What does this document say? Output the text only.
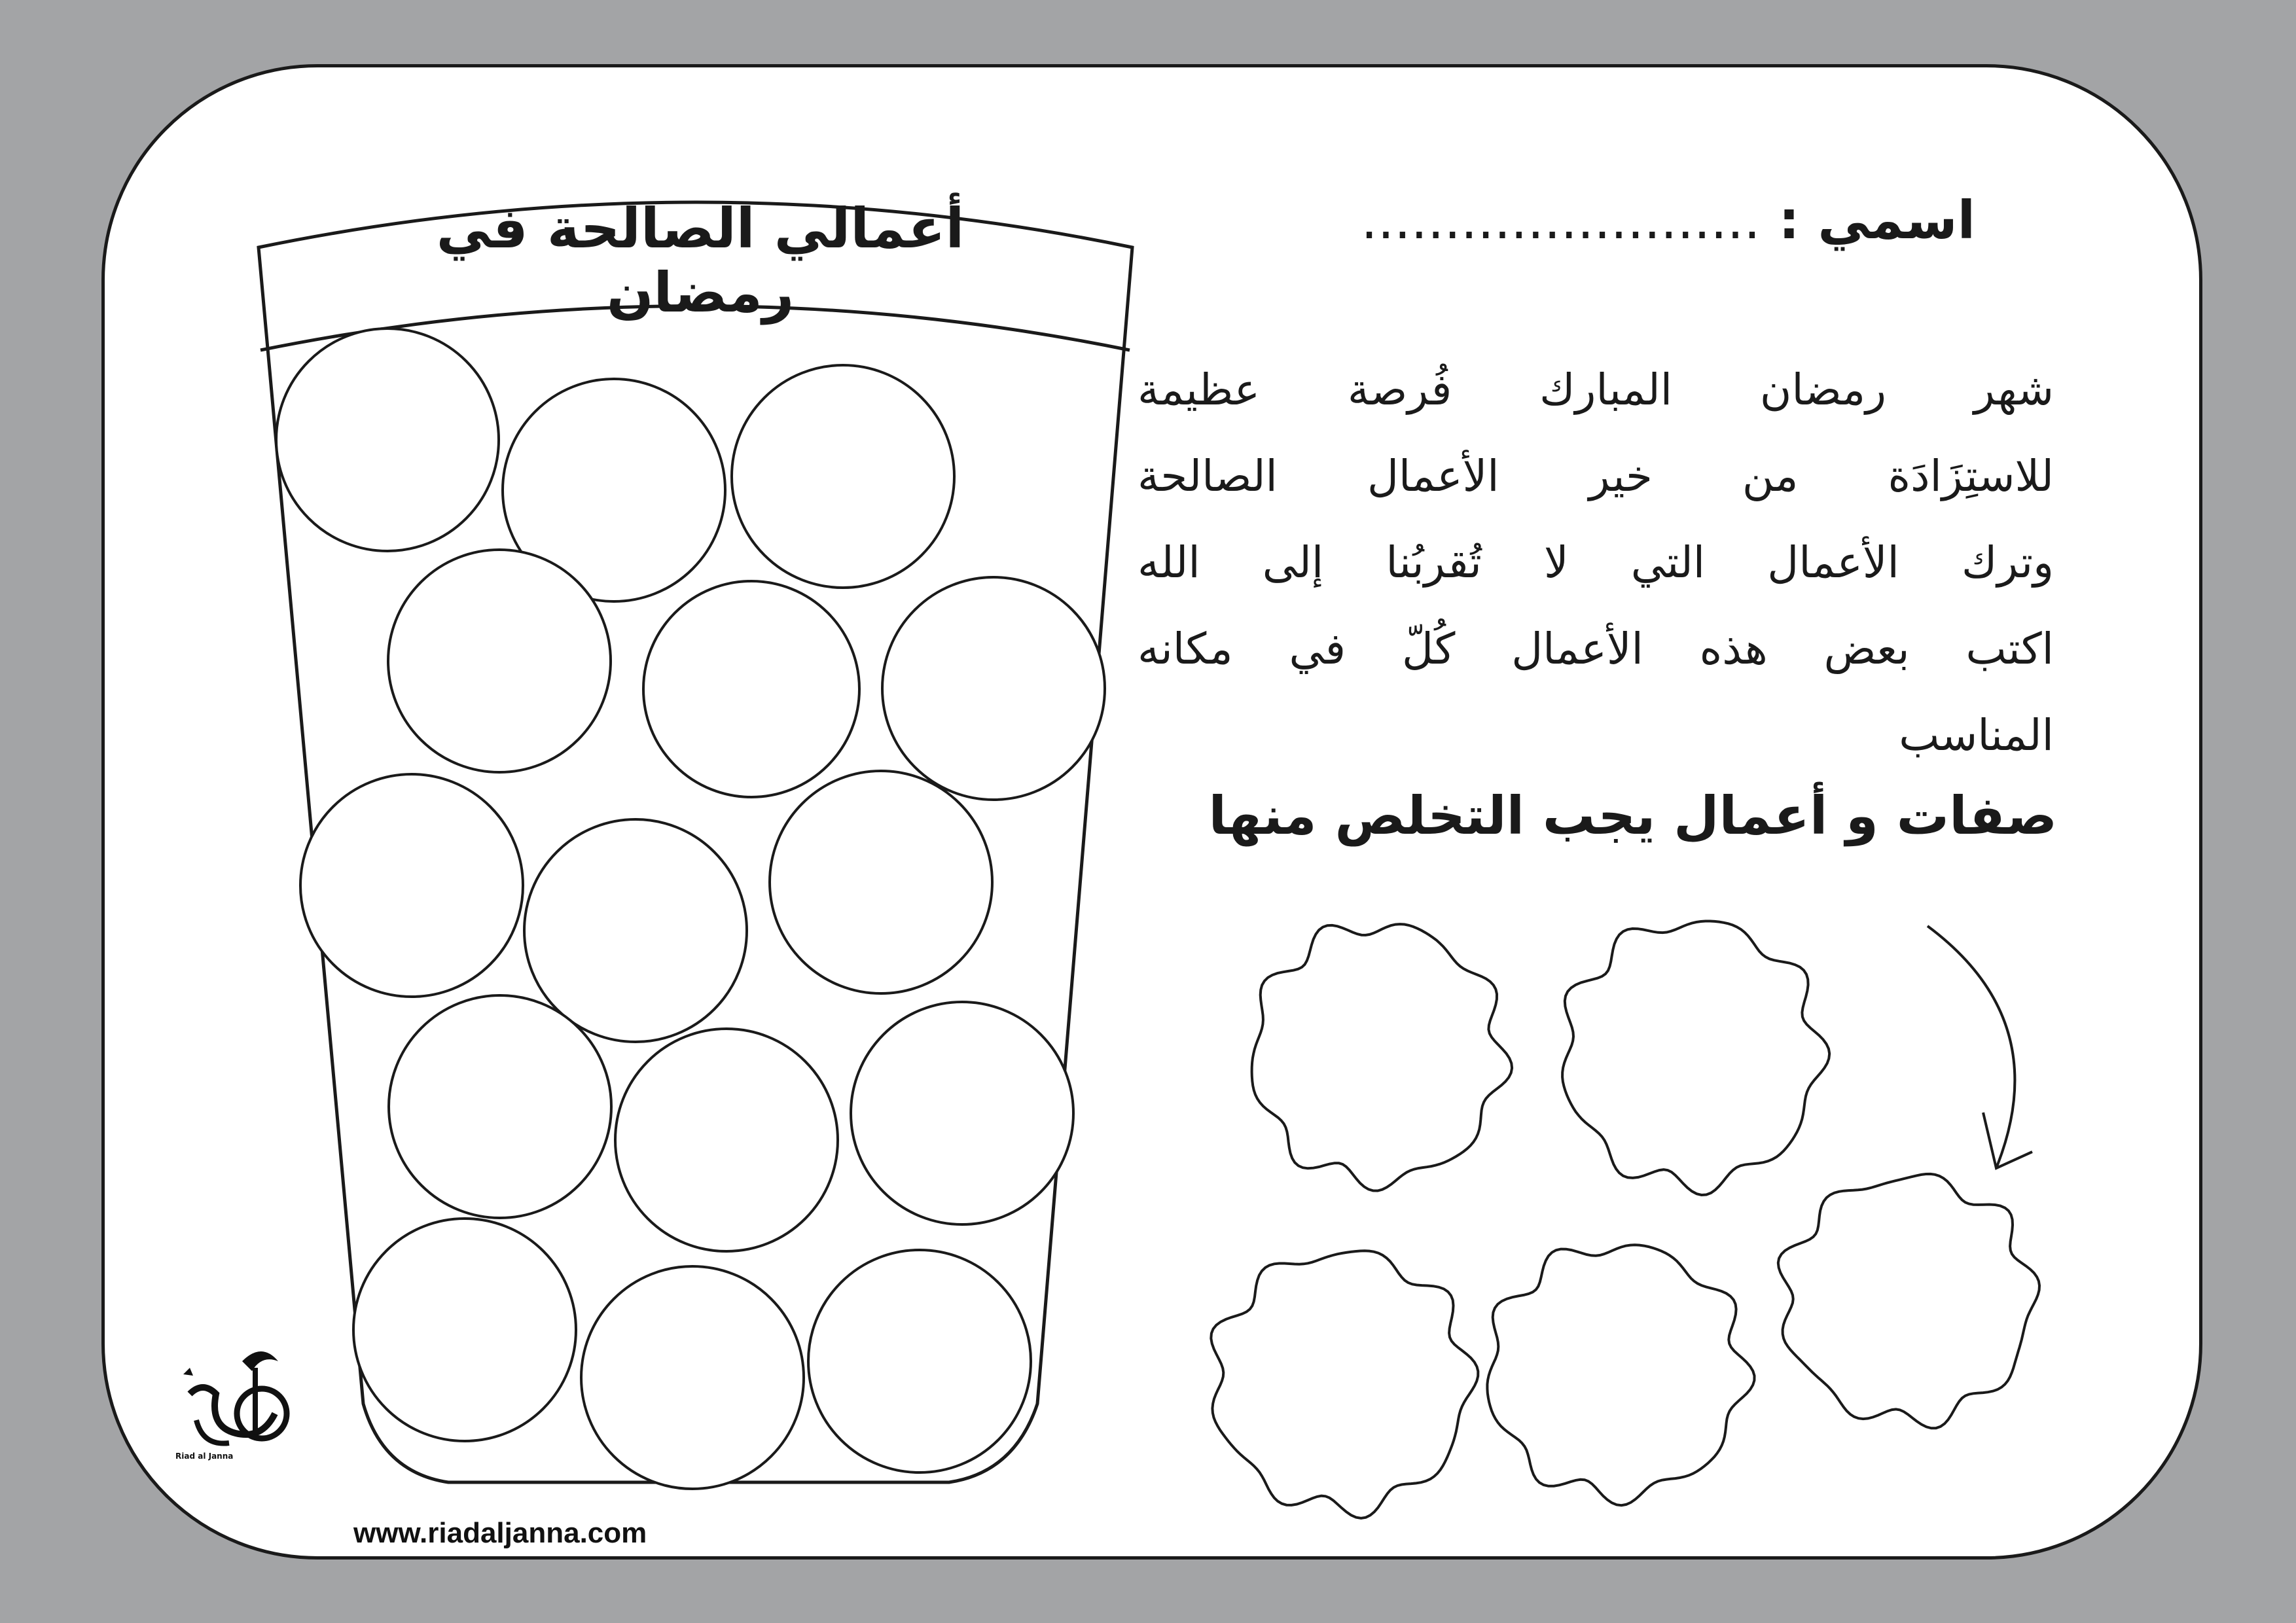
أعمالي الصالحة في رمضان
اسمي : ........................
شهر رمضان المبارك فُرصة عظيمة
للاستِزَادَة من خير الأعمال الصالحة
وترك الأعمال التي لا تُقربُنا إلى الله
اكتب بعض هذه الأعمال كُلّ في مكانه
المناسب
صفات و أعمال يجب التخلص منها
Riad al Janna
www.riadaljanna.com
